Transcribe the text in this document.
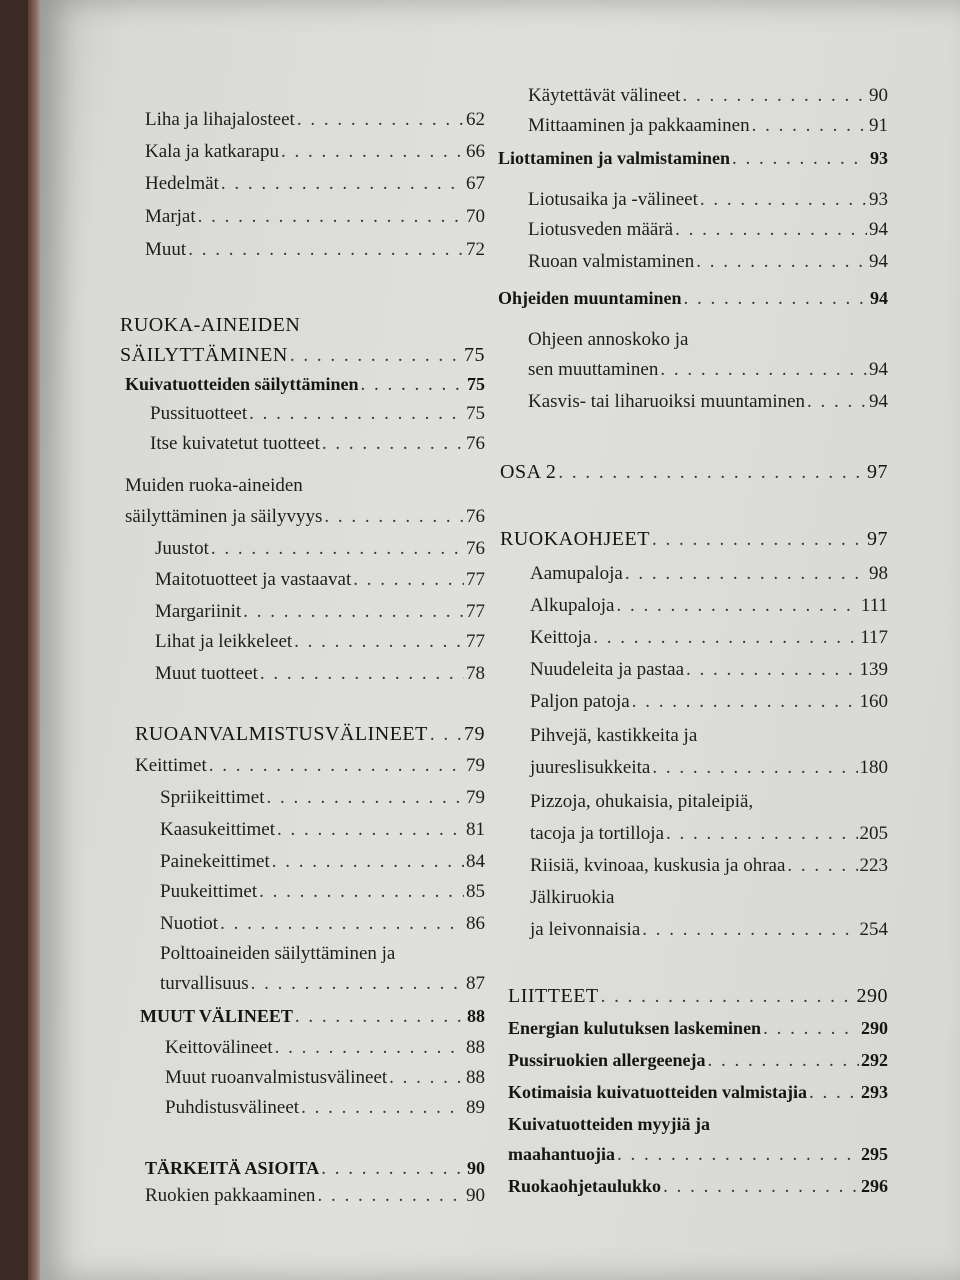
Liha ja lihajalosteet . . .	62
Kala ja katkarapu . . .	66
Hedelmät . . .	67
Marjat . . .	70
Muut . . .	72
RUOKA-AINEIDEN
SÄILYTTÄMINEN . . .	75
Kuivatuotteiden säilyttäminen . . .	75
Pussituotteet . . .	75
Itse kuivatetut tuotteet . . .	76
Muiden ruoka-aineiden
säilyttäminen ja säilyvyys . . .	76
Juustot . . .	76
Maitotuotteet ja vastaavat . . .	77
Margariinit . . .	77
Lihat ja leikkeleet . . .	77
Muut tuotteet . . .	78
RUOANVALMISTUSVÄLINEET . . . 79
Keittimet . . .	79
Spriikeittimet . . .	79
Kaasukeittimet . . .	81
Painekeittimet . . .	84
Puukeittimet . . .	85
Nuotiot . . .	86
Polttoaineiden säilyttäminen ja
turvallisuus . . .	87
MUUT VÄLINEET . . .	88
Keittovälineet . . .	88
Muut ruoanvalmistusvälineet . . .	88
Puhdistusvälineet . . .	89
TÄRKEITÄ ASIOITA . . .	90
Ruokien pakkaaminen . . .	90
Käytettävät välineet . . .	90
Mittaaminen ja pakkaaminen . . .	91
Liottaminen ja valmistaminen . . .	93
Liotusaika ja -välineet . . .	93
Liotusveden määrä . . .	94
Ruoan valmistaminen . . .	94
Ohjeiden muuntaminen . . .	94
Ohjeen annoskoko ja
sen muuttaminen . . .	94
Kasvis- tai liharuoiksi muuntaminen . . .	94
OSA 2 . . .	97
RUOKAOHJEET . . .	97
Aamupaloja . . .	98
Alkupaloja . . .	111
Keittoja . . .	117
Nuudeleita ja pastaa . . .	139
Paljon patoja . . .	160
Pihvejä, kastikkeita ja
juureslisukkeita . . .	180
Pizzoja, ohukaisia, pitaleipiä,
tacoja ja tortilloja . . .	205
Riisiä, kvinoaa, kuskusia ja ohraa . . .	223
Jälkiruokia
ja leivonnaisia . . .	254
LIITTEET . . .	290
Energian kulutuksen laskeminen . . .	290
Pussiruokien allergeeneja . . .	292
Kotimaisia kuivatuotteiden valmistajia . . .	293
Kuivatuotteiden myyjiä ja
maahantuojia . . .	295
Ruokaohjetaulukko . . .	296
